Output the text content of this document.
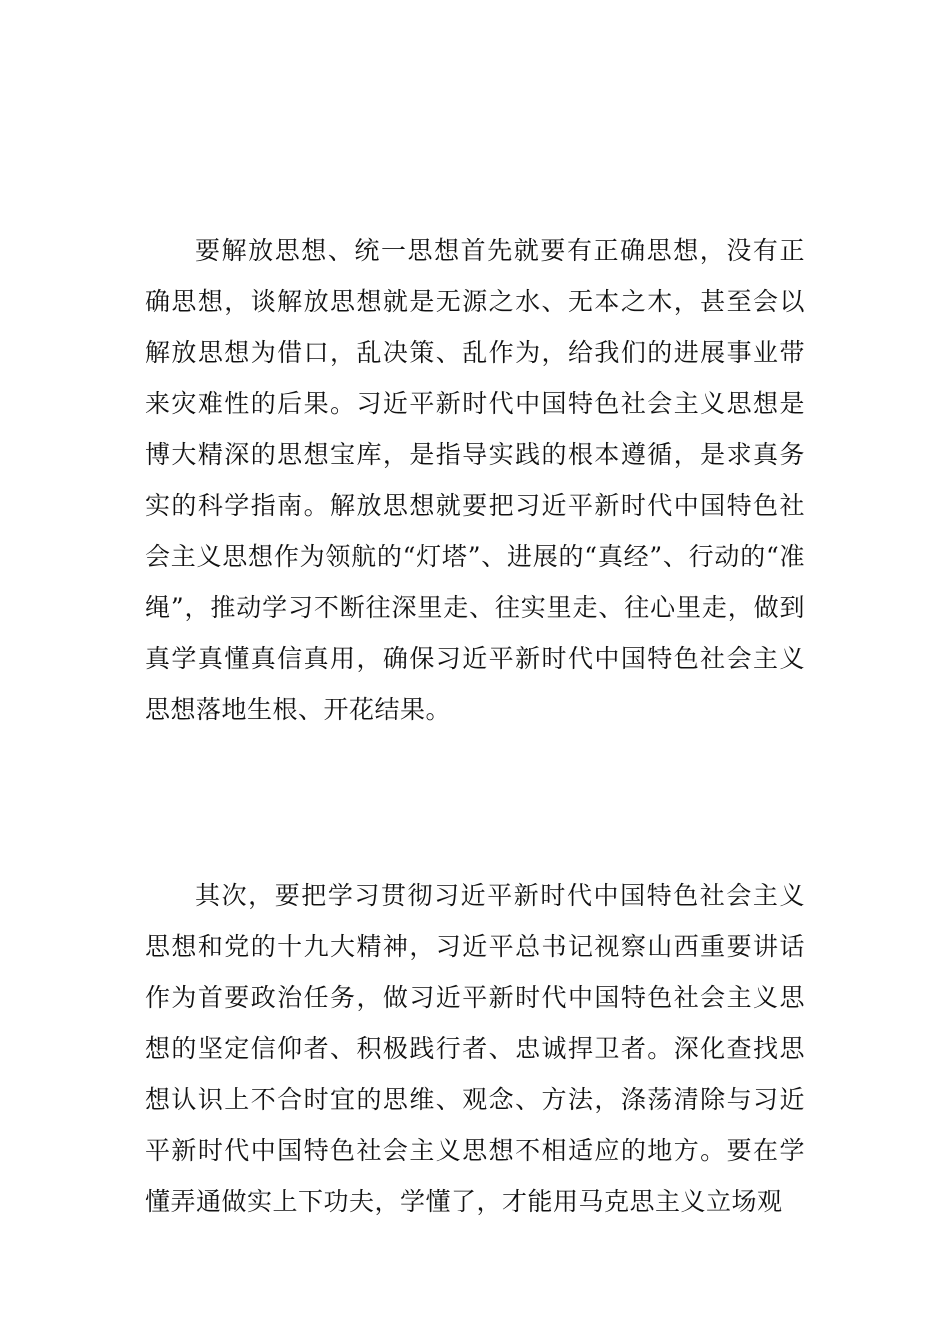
要解放思想、统一思想首先就要有正确思想，没有正确思想，谈解放思想就是无源之水、无本之木，甚至会以解放思想为借口，乱决策、乱作为，给我们的进展事业带来灾难性的后果。习近平新时代中国特色社会主义思想是博大精深的思想宝库，是指导实践的根本遵循，是求真务实的科学指南。解放思想就要把习近平新时代中国特色社会主义思想作为领航的“灯塔”、进展的“真经”、行动的“准绳”，推动学习不断往深里走、往实里走、往心里走，做到真学真懂真信真用，确保习近平新时代中国特色社会主义思想落地生根、开花结果。

其次，要把学习贯彻习近平新时代中国特色社会主义思想和党的十九大精神，习近平总书记视察山西重要讲话作为首要政治任务，做习近平新时代中国特色社会主义思想的坚定信仰者、积极践行者、忠诚捍卫者。深化查找思想认识上不合时宜的思维、观念、方法，涤荡清除与习近平新时代中国特色社会主义思想不相适应的地方。要在学懂弄通做实上下功夫，学懂了，才能用马克思主义立场观
